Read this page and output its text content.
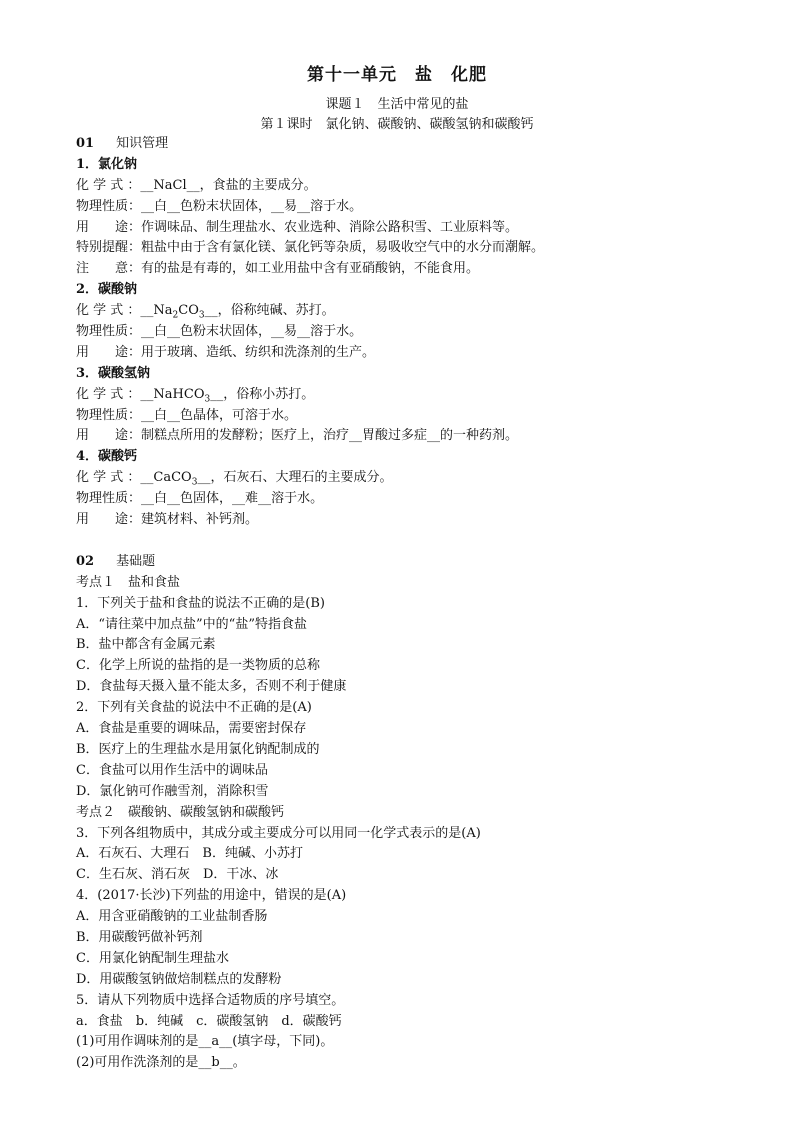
第十一单元　盐　化肥
课题１　生活中常见的盐
第１课时　氯化钠、碳酸钠、碳酸氢钠和碳酸钙
01 知识管理
1．氯化钠
化 学 式 ：__NaCl__，食盐的主要成分。
物理性质：__白__色粉末状固体，__易__溶于水。
用　　途：作调味品、制生理盐水、农业选种、消除公路积雪、工业原料等。
特别提醒：粗盐中由于含有氯化镁、氯化钙等杂质，易吸收空气中的水分而潮解。
注　　意：有的盐是有毒的，如工业用盐中含有亚硝酸钠，不能食用。
2．碳酸钠
化 学 式 ：$\_\_Na_2CO_3\_\_$，俗称纯碱、苏打。
物理性质：__白__色粉末状固体，__易__溶于水。
用　　途：用于玻璃、造纸、纺织和洗涤剂的生产。
3．碳酸氢钠
化 学 式 ：__NaHCO$_3$__，俗称小苏打。
物理性质：__白__色晶体，可溶于水。
用　　途：制糕点所用的发酵粉；医疗上，治疗__胃酸过多症__的一种药剂。
4．碳酸钙
化 学 式 ：__CaCO$_3$__，石灰石、大理石的主要成分。
物理性质：__白__色固体，__难__溶于水。
用　　途：建筑材料、补钙剂。
02 基础题
考点１　盐和食盐
1．下列关于盐和食盐的说法不正确的是(B)
A．“请往菜中加点盐”中的“盐”特指食盐
B．盐中都含有金属元素
C．化学上所说的盐指的是一类物质的总称
D．食盐每天摄入量不能太多，否则不利于健康
2．下列有关食盐的说法中不正确的是(A)
A．食盐是重要的调味品，需要密封保存
B．医疗上的生理盐水是用氯化钠配制成的
C．食盐可以用作生活中的调味品
D．氯化钠可作融雪剂，消除积雪
考点２　碳酸钠、碳酸氢钠和碳酸钙
3．下列各组物质中，其成分或主要成分可以用同一化学式表示的是(A)
A．石灰石、大理石　B．纯碱、小苏打
C．生石灰、消石灰　D．干冰、冰
4．(2017·长沙)下列盐的用途中，错误的是(A)
A．用含亚硝酸钠的工业盐制香肠
B．用碳酸钙做补钙剂
C．用氯化钠配制生理盐水
D．用碳酸氢钠做焙制糕点的发酵粉
5．请从下列物质中选择合适物质的序号填空。
a．食盐　b．纯碱　c．碳酸氢钠　d．碳酸钙
(1)可用作调味剂的是__a__(填字母，下同)。
(2)可用作洗涤剂的是__b__。
